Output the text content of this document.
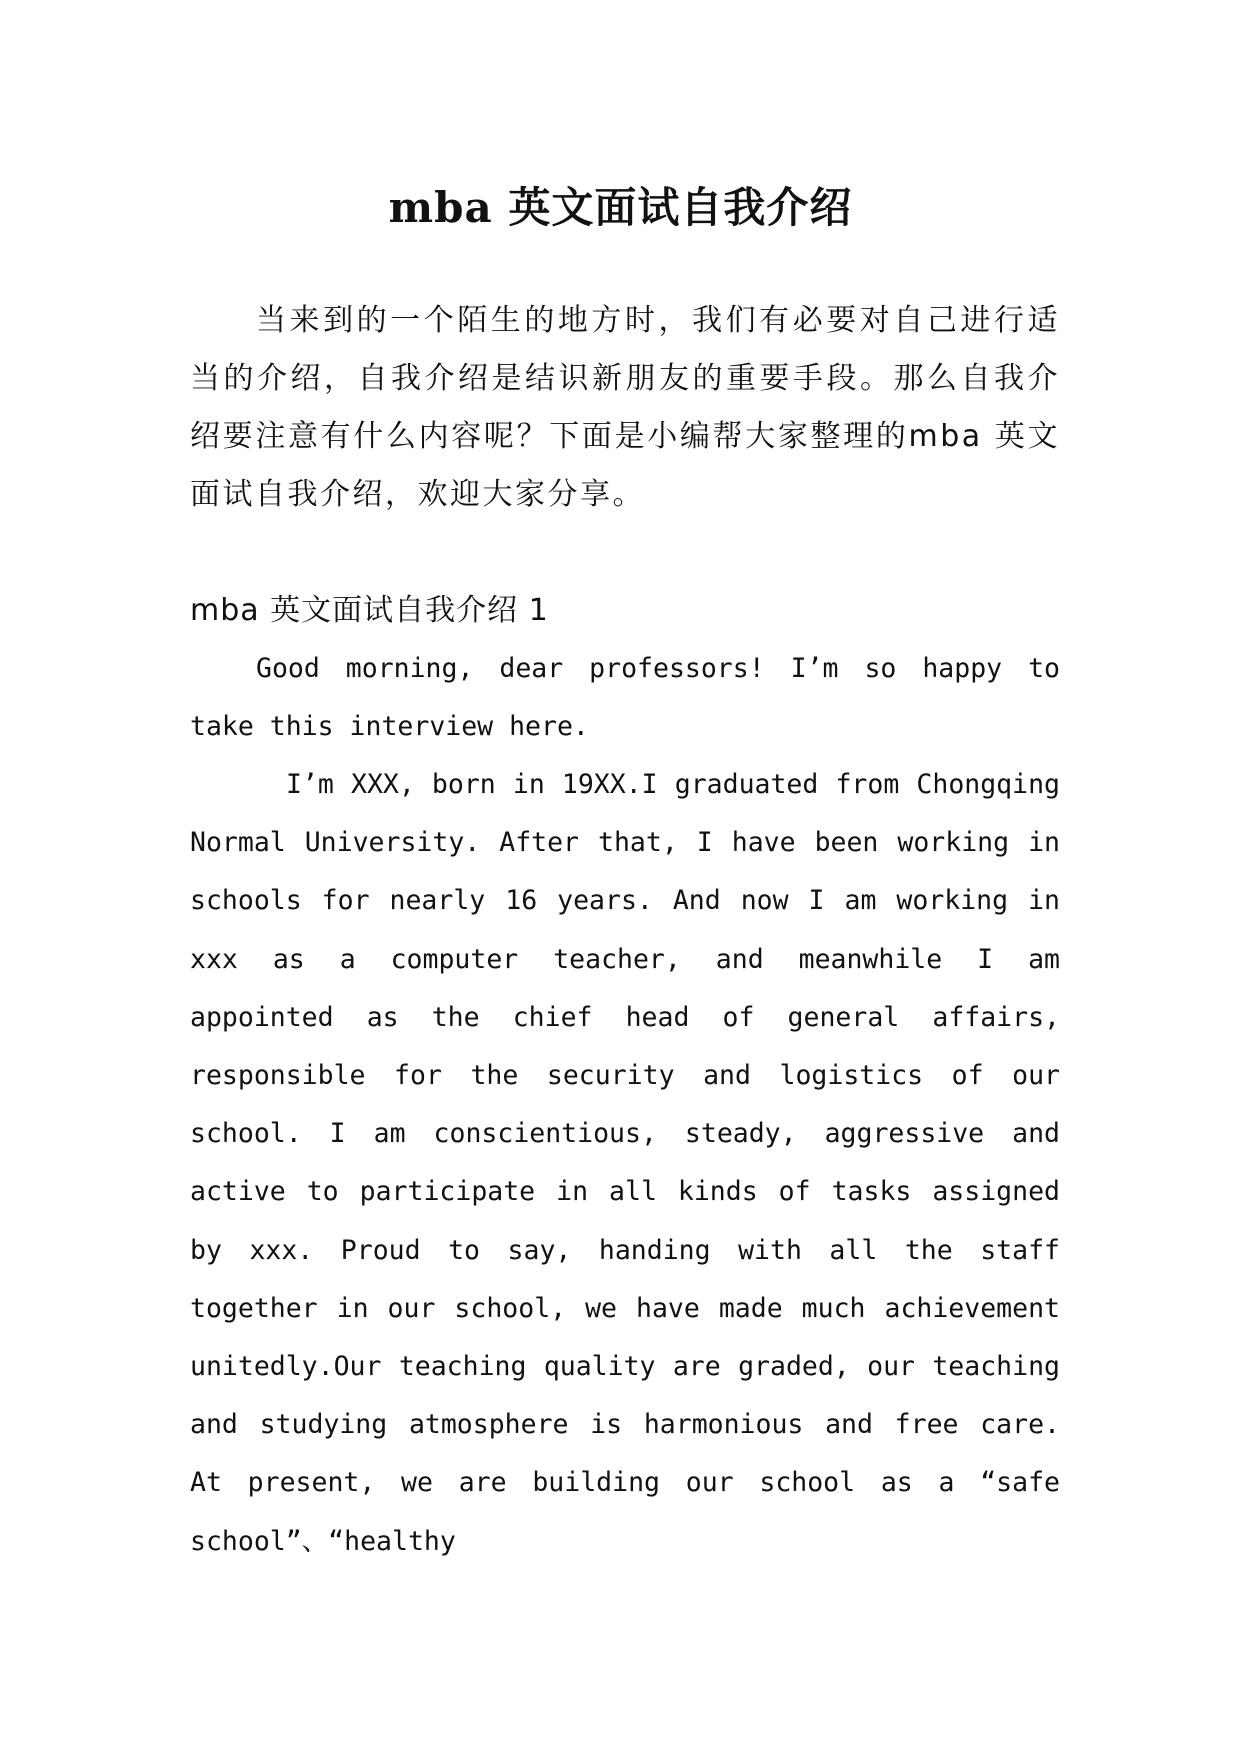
mba 英文面试自我介绍

当来到的一个陌生的地方时，我们有必要对自己进行适当的介绍，自我介绍是结识新朋友的重要手段。那么自我介绍要注意有什么内容呢？下面是小编帮大家整理的mba 英文面试自我介绍，欢迎大家分享。

mba 英文面试自我介绍 1

Good morning, dear professors! I’m so happy to take this interview here.

I’m XXX, born in 19XX.I graduated from Chongqing Normal University. After that, I have been working in schools for nearly 16 years. And now I am working in xxx as a computer teacher, and meanwhile I am appointed as the chief head of general affairs, responsible for the security and logistics of our school. I am conscientious, steady, aggressive and active to participate in all kinds of tasks assigned by xxx. Proud to say, handing with all the staff together in our school, we have made much achievement unitedly.Our teaching quality are graded, our teaching and studying atmosphere is harmonious and free care. At present, we are building our school as a “safe school”、“healthy
